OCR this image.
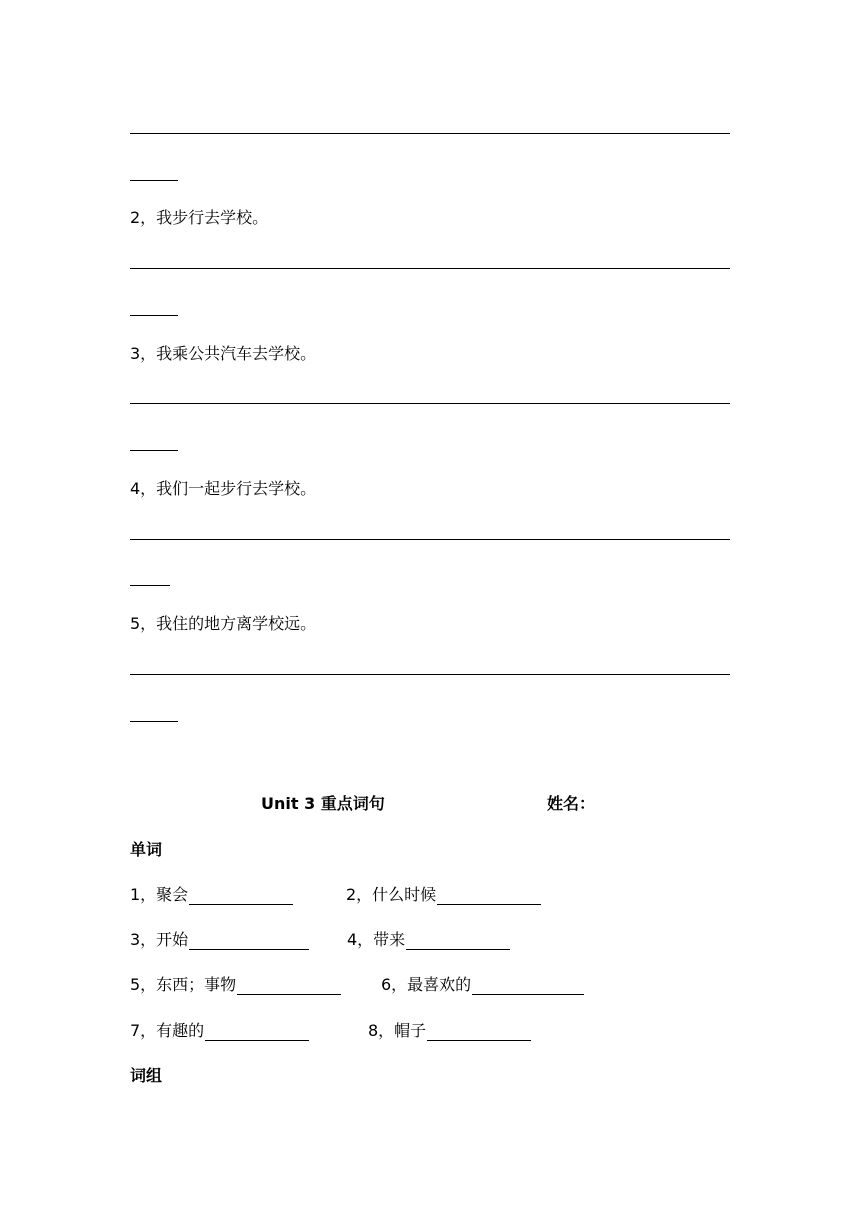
2，我步行去学校。
3，我乘公共汽车去学校。
4，我们一起步行去学校。
5，我住的地方离学校远。
Unit 3 重点词句	姓名：
单词
1，聚会	2，什么时候
3，开始	4，带来
5，东西；事物	6，最喜欢的
7，有趣的	8，帽子
词组
